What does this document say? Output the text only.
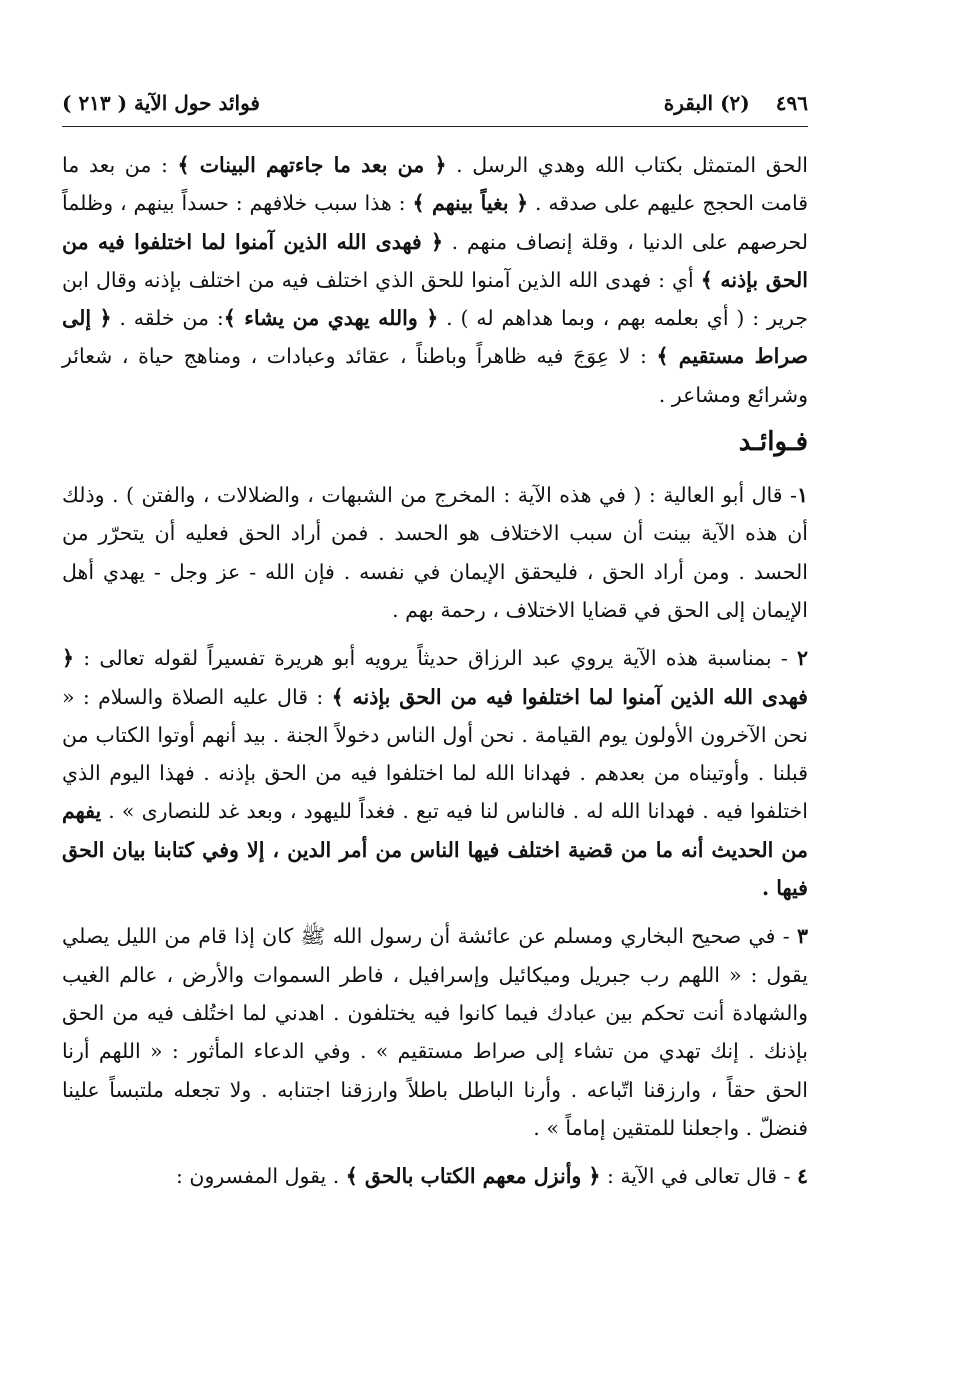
٤٩٦
(٢) البقرة
فوائد حول الآية ( ٢١٣ )

الحق المتمثل بكتاب الله وهدي الرسل . ﴿ من بعد ما جاءتهم البينات ﴾ : من بعد ما قامت الحجج عليهم على صدقه . ﴿ بغياً بينهم ﴾ : هذا سبب خلافهم : حسداً بينهم ، وظلماً لحرصهم على الدنيا ، وقلة إنصاف منهم . ﴿ فهدى الله الذين آمنوا لما اختلفوا فيه من الحق بإذنه ﴾ أي : فهدى الله الذين آمنوا للحق الذي اختلف فيه من اختلف بإذنه وقال ابن جرير : ( أي بعلمه بهم ، وبما هداهم له ) . ﴿ والله يهدي من يشاء ﴾: من خلقه . ﴿ إلى صراط مستقيم ﴾ : لا عِوَجَ فيه ظاهراً وباطناً ، عقائد وعبادات ، ومناهج حياة ، شعائر وشرائع ومشاعر .

فـوائـد

١- قال أبو العالية : ( في هذه الآية : المخرج من الشبهات ، والضلالات ، والفتن ) . وذلك أن هذه الآية بينت أن سبب الاختلاف هو الحسد . فمن أراد الحق فعليه أن يتحرّر من الحسد . ومن أراد الحق ، فليحقق الإيمان في نفسه . فإن الله - عز وجل - يهدي أهل الإيمان إلى الحق في قضايا الاختلاف ، رحمة بهم .

٢ - بمناسبة هذه الآية يروي عبد الرزاق حديثاً يرويه أبو هريرة تفسيراً لقوله تعالى : ﴿ فهدى الله الذين آمنوا لما اختلفوا فيه من الحق بإذنه ﴾ : قال عليه الصلاة والسلام : « نحن الآخرون الأولون يوم القيامة . نحن أول الناس دخولاً الجنة . بيد أنهم أوتوا الكتاب من قبلنا . وأوتيناه من بعدهم . فهدانا الله لما اختلفوا فيه من الحق بإذنه . فهذا اليوم الذي اختلفوا فيه . فهدانا الله له . فالناس لنا فيه تبع . فغداً لليهود ، وبعد غد للنصارى » . يفهم من الحديث أنه ما من قضية اختلف فيها الناس من أمر الدين ، إلا وفي كتابنا بيان الحق فيها .

٣ - في صحيح البخاري ومسلم عن عائشة أن رسول الله ﷺ كان إذا قام من الليل يصلي يقول : « اللهم رب جبريل وميكائيل وإسرافيل ، فاطر السموات والأرض ، عالم الغيب والشهادة أنت تحكم بين عبادك فيما كانوا فيه يختلفون . اهدني لما اختُلف فيه من الحق بإذنك . إنك تهدي من تشاء إلى صراط مستقيم » . وفي الدعاء المأثور : « اللهم أرنا الحق حقاً ، وارزقنا اتّباعه . وأرنا الباطل باطلاً وارزقنا اجتنابه . ولا تجعله ملتبساً علينا فنضلّ . واجعلنا للمتقين إماماً » .

٤ - قال تعالى في الآية : ﴿ وأنزل معهم الكتاب بالحق ﴾ . يقول المفسرون :
